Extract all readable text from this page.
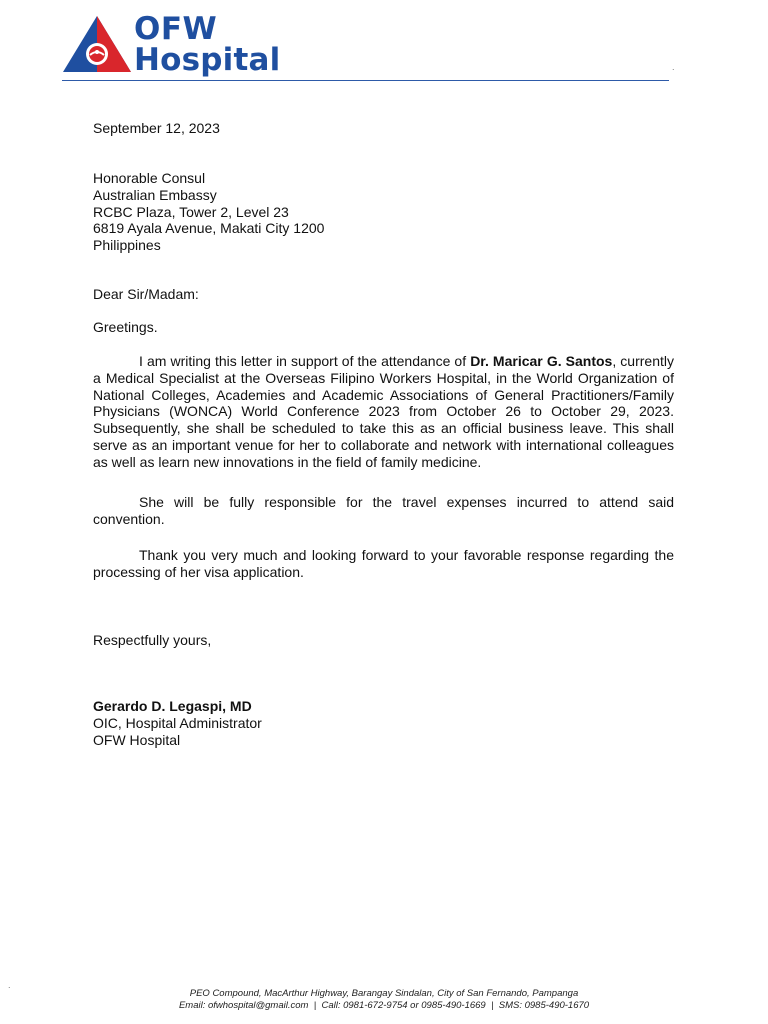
OFW
Hospital	.
.
September 12, 2023

Honorable Consul

Australian Embassy

RCBC Plaza, Tower 2, Level 23

6819 Ayala Avenue, Makati City 1200

Philippines

Dear Sir/Madam:
Greetings.
I am writing this letter in support of the attendance of Dr. Maricar G. Santos, currently a Medical Specialist at the Overseas Filipino Workers Hospital, in the World Organization of National Colleges, Academies and Academic Associations of General Practitioners/Family Physicians (WONCA) World Conference 2023 from October 26 to October 29, 2023. Subsequently, she shall be scheduled to take this as an official business leave. This shall serve as an important venue for her to collaborate and network with international colleagues as well as learn new innovations in the field of family medicine.
She will be fully responsible for the travel expenses incurred to attend said convention.
Thank you very much and looking forward to your favorable response regarding the processing of her visa application.
Respectfully yours,

Gerardo D. Legaspi, MD

OIC, Hospital Administrator

OFW Hospital

PEO Compound, MacArthur Highway, Barangay Sindalan, City of San Fernando, Pampanga
Email: ofwhospital@gmail.com  |  Call: 0981-672-9754 or 0985-490-1669  |  SMS: 0985-490-1670
